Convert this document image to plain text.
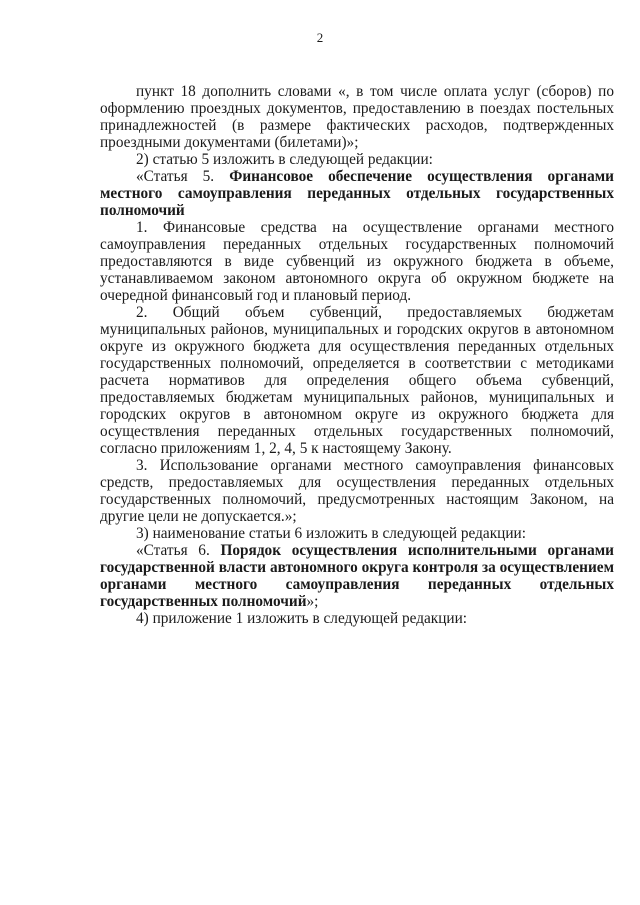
2

пункт 18 дополнить словами «, в том числе оплата услуг (сборов) по оформлению проездных документов, предоставлению в поездах постельных принадлежностей (в размере фактических расходов, подтвержденных проездными документами (билетами)»;

2) статью 5 изложить в следующей редакции:

«Статья 5. Финансовое обеспечение осуществления органами местного самоуправления переданных отдельных государственных полномочий

1. Финансовые средства на осуществление органами местного самоуправления переданных отдельных государственных полномочий предоставляются в виде субвенций из окружного бюджета в объеме, устанавливаемом законом автономного округа об окружном бюджете на очередной финансовый год и плановый период.

2. Общий объем субвенций, предоставляемых бюджетам муниципальных районов, муниципальных и городских округов в автономном округе из окружного бюджета для осуществления переданных отдельных государственных полномочий, определяется в соответствии с методиками расчета нормативов для определения общего объема субвенций, предоставляемых бюджетам муниципальных районов, муниципальных и городских округов в автономном округе из окружного бюджета для осуществления переданных отдельных государственных полномочий, согласно приложениям 1, 2, 4, 5 к настоящему Закону.

3. Использование органами местного самоуправления финансовых средств, предоставляемых для осуществления переданных отдельных государственных полномочий, предусмотренных настоящим Законом, на другие цели не допускается.»;

3) наименование статьи 6 изложить в следующей редакции:

«Статья 6. Порядок осуществления исполнительными органами государственной власти автономного округа контроля за осуществлением органами местного самоуправления переданных отдельных государственных полномочий»;

4) приложение 1 изложить в следующей редакции:
